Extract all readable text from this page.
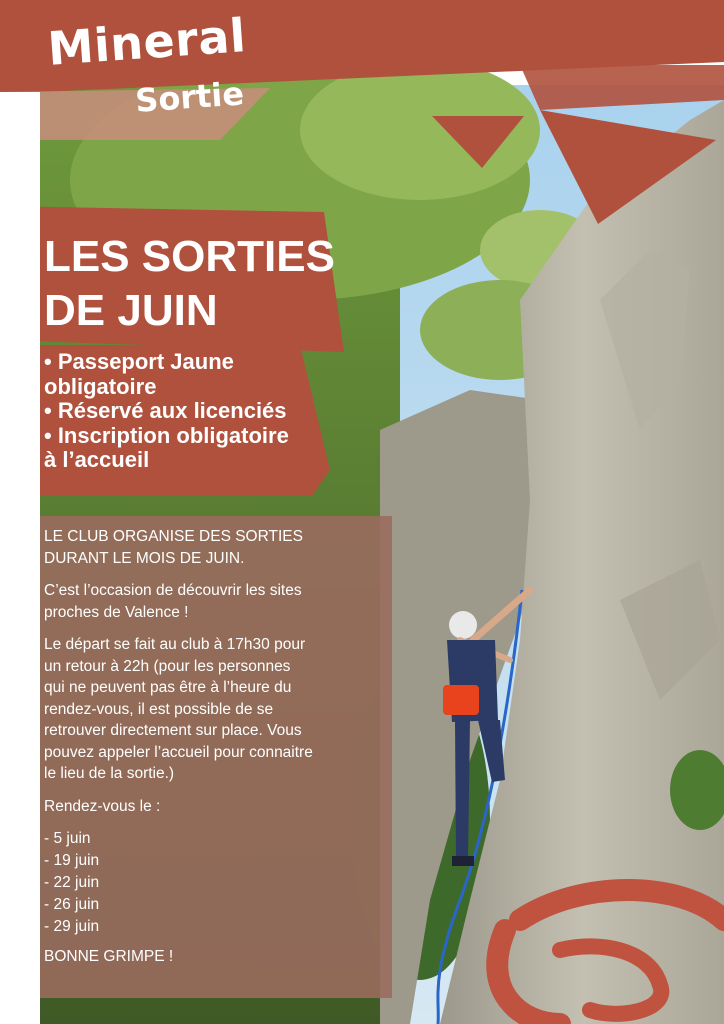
Mineral
Sortie
LES SORTIES
DE JUIN
• Passeport Jaune
obligatoire
• Réservé aux licenciés
• Inscription obligatoire
à l’accueil

LE CLUB ORGANISE DES SORTIES
DURANT LE MOIS DE JUIN.

C’est l’occasion de découvrir les sites
proches de Valence !

Le départ se fait au club à 17h30 pour
un retour à 22h (pour les personnes
qui ne peuvent pas être à l’heure du
rendez-vous, il est possible de se
retrouver directement sur place. Vous
pouvez appeler l’accueil pour connaitre
le lieu de la sortie.)

Rendez-vous le :

- 5 juin
- 19 juin
- 22 juin
- 26 juin
- 29 juin

BONNE GRIMPE !
